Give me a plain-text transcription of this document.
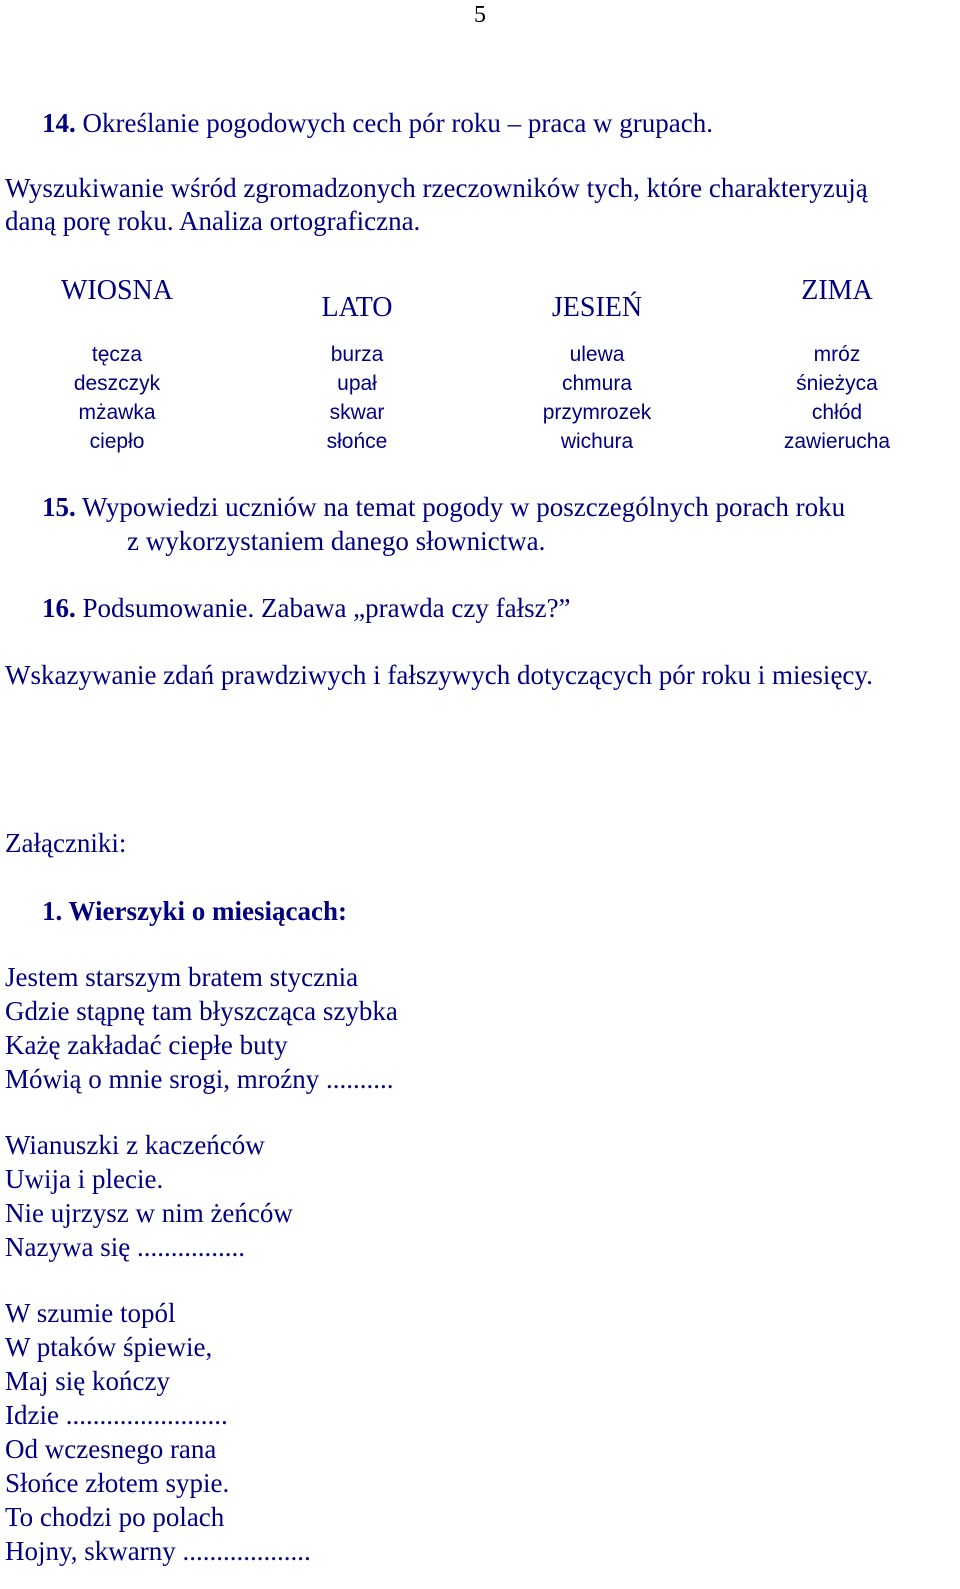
5
14. Określanie pogodowych cech pór roku – praca w grupach.
Wyszukiwanie wśród zgromadzonych rzeczowników tych, które charakteryzują
daną porę roku. Analiza ortograficzna.
WIOSNA
LATO	JESIEŃ
ZIMA
tęcza
deszczyk
mżawka
ciepło
burza
upał
skwar
słońce
ulewa
chmura
przymrozek
wichura
mróz
śnieżyca
chłód
zawierucha
15. Wypowiedzi uczniów na temat pogody w poszczególnych porach roku
z wykorzystaniem danego słownictwa.
16. Podsumowanie. Zabawa „prawda czy fałsz?”
Wskazywanie zdań prawdziwych i fałszywych dotyczących pór roku i miesięcy.
Załączniki:
1. Wierszyki o miesiącach:
Jestem starszym bratem stycznia
Gdzie stąpnę tam błyszcząca szybka
Każę zakładać ciepłe buty
Mówią o mnie srogi, mroźny ..........
Wianuszki z kaczeńców
Uwija i plecie.
Nie ujrzysz w nim żeńców
Nazywa się ................
W szumie topól
W ptaków śpiewie,
Maj się kończy
Idzie ........................
Od wczesnego rana
Słońce złotem sypie.
To chodzi po polach
Hojny, skwarny ...................
